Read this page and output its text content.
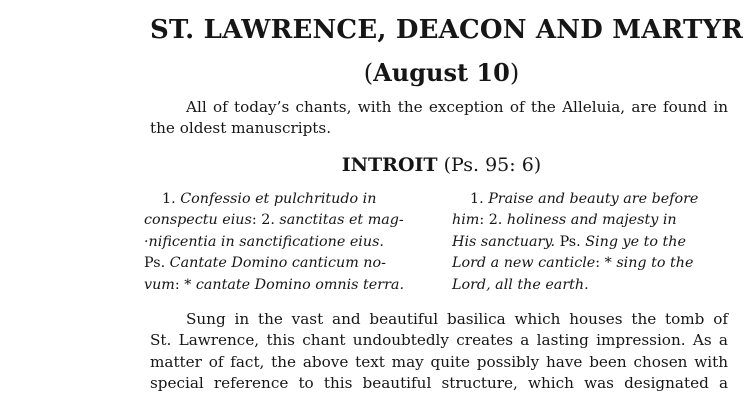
ST. LAWRENCE, DEACON AND MARTYR
(August 10)
All of today’s chants, with the exception of the Alleluia, are found in the oldest manuscripts.
INTROIT (Ps. 95: 6)

1. Confessio et pulchritudo in
conspectu eius: 2. sanctitas et mag-
·nificentia in sanctificatione eius.
Ps. Cantate Domino canticum no-
vum: * cantate Domino omnis terra.

1. Praise and beauty are before
him: 2. holiness and majesty in
His sanctuary. Ps. Sing ye to the
Lord a new canticle: * sing to the
Lord, all the earth.

Sung in the vast and beautiful basilica which houses the tomb of
St. Lawrence, this chant undoubtedly creates a lasting impression. As a
matter of fact, the above text may quite possibly have been chosen with
special reference to this beautiful structure, which was designated a
